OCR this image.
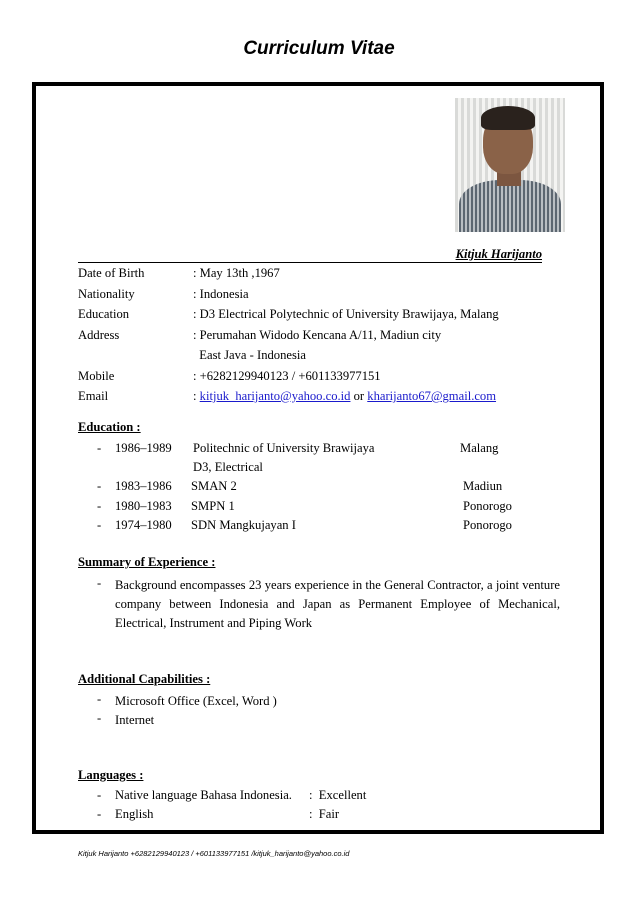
Curriculum Vitae
Kitjuk Harijanto
Date of Birth	: May 13th ,1967
Nationality	: Indonesia
Education	: D3 Electrical Polytechnic of University Brawijaya, Malang
Address	: Perumahan Widodo Kencana A/11, Madiun city
East Java - Indonesia
Mobile	: +6282129940123 / +601133977151
Email	: kitjuk_harijanto@yahoo.co.id or kharijanto67@gmail.com
Education :
- 1986–1989 Politechnic of University Brawijaya	Malang
D3, Electrical
- 1983–1986 SMAN 2	Madiun
- 1980–1983 SMPN 1	Ponorogo
- 1974–1980 SDN Mangkujayan I	Ponorogo
Summary of Experience :
- Background encompasses 23 years experience in the General Contractor, a joint venture company between Indonesia and Japan as Permanent Employee of Mechanical, Electrical, Instrument and Piping Work
Additional Capabilities :
- Microsoft Office (Excel, Word )
- Internet
Languages :
- Native language Bahasa Indonesia. :  Excellent
- English	:  Fair
Kitjuk Harijanto +6282129940123 / +601133977151 /kitjuk_harijanto@yahoo.co.id
